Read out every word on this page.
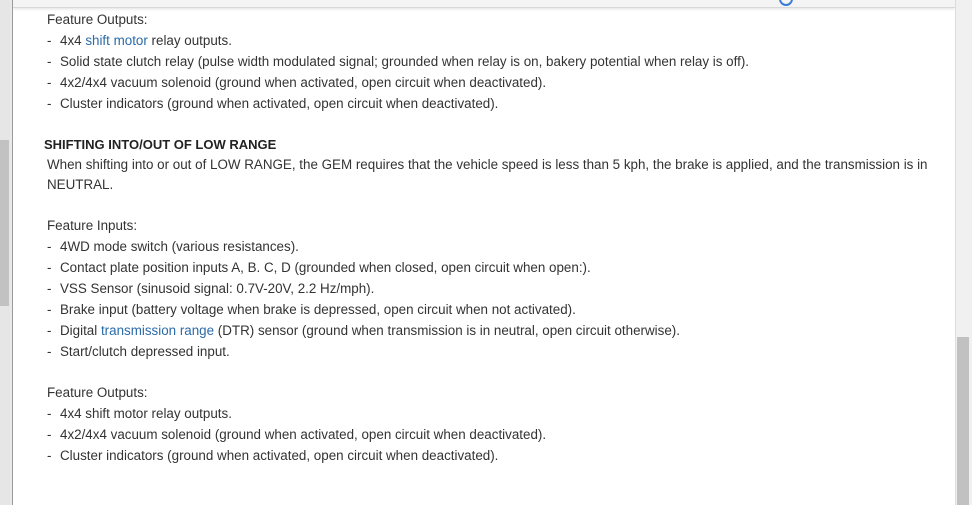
Feature Outputs:
- 4x4 shift motor relay outputs.
- Solid state clutch relay (pulse width modulated signal; grounded when relay is on, bakery potential when relay is off).
- 4x2/4x4 vacuum solenoid (ground when activated, open circuit when deactivated).
- Cluster indicators (ground when activated, open circuit when deactivated).
SHIFTING INTO/OUT OF LOW RANGE
When shifting into or out of LOW RANGE, the GEM requires that the vehicle speed is less than 5 kph, the brake is applied, and the transmission is in NEUTRAL.
Feature Inputs:
- 4WD mode switch (various resistances).
- Contact plate position inputs A, B. C, D (grounded when closed, open circuit when open:).
- VSS Sensor (sinusoid signal: 0.7V-20V, 2.2 Hz/mph).
- Brake input (battery voltage when brake is depressed, open circuit when not activated).
- Digital transmission range (DTR) sensor (ground when transmission is in neutral, open circuit otherwise).
- Start/clutch depressed input.
Feature Outputs:
- 4x4 shift motor relay outputs.
- 4x2/4x4 vacuum solenoid (ground when activated, open circuit when deactivated).
- Cluster indicators (ground when activated, open circuit when deactivated).
